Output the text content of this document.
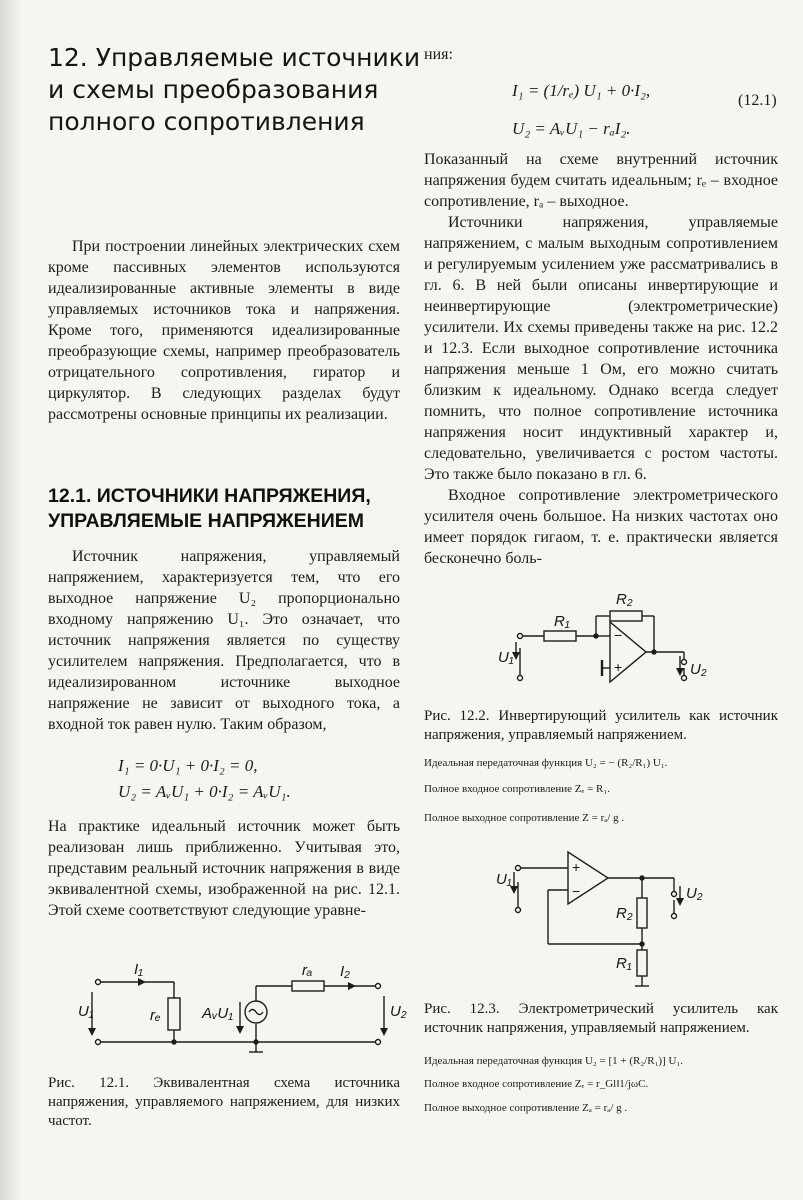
12. Управляемые источники
и схемы преобразования
полного сопротивления

При построении линейных электрических схем кроме пассивных элементов используются идеализированные активные элементы в виде управляемых источников тока и напряжения. Кроме того, применяются идеализированные преобразующие схемы, например преобразователь отрицательного сопротивления, гиратор и циркулятор. В следующих разделах будут рассмотрены основные принципы их реализации.

12.1. ИСТОЧНИКИ НАПРЯЖЕНИЯ,
УПРАВЛЯЕМЫЕ НАПРЯЖЕНИЕМ

Источник напряжения, управляемый напряжением, характеризуется тем, что его выходное напряжение U₂ пропорционально входному напряжению U₁. Это означает, что источник напряжения является по существу усилителем напряжения. Предполагается, что в идеализированном источнике выходное напряжение не зависит от выходного тока, а входной ток равен нулю. Таким образом,

I₁ = 0·U₁ + 0·I₂ = 0,
U₂ = AᵥU₁ + 0·I₂ = AᵥU₁.

На практике идеальный источник может быть реализован лишь приближенно. Учитывая это, представим реальный источник напряжения в виде эквивалентной схемы, изображенной на рис. 12.1. Этой схеме соответствуют следующие уравне-

I₁	I₂
rₐ
rₑ
U₁	AᵥU₁	U₂
Рис. 12.1. Эквивалентная схема источника напряжения, управляемого напряжением, для низких частот.
ния:
I₁ = (1/rₑ) U₁ + 0·I₂,
U₂ = AᵥU₁ − rₐI₂.
(12.1)

Показанный на схеме внутренний источник напряжения будем считать идеальным; rₑ – входное сопротивление, rₐ – выходное.

Источники напряжения, управляемые напряжением, с малым выходным сопротивлением и регулируемым усилением уже рассматривались в гл. 6. В ней были описаны инвертирующие и неинвертирующие (электрометрические) усилители. Их схемы приведены также на рис. 12.2 и 12.3. Если выходное сопротивление источника напряжения меньше 1 Ом, его можно считать близким к идеальному. Однако всегда следует помнить, что полное сопротивление источника напряжения носит индуктивный характер и, следовательно, увеличивается с ростом частоты. Это также было показано в гл. 6.

Входное сопротивление электрометрического усилителя очень большое. На низких частотах оно имеет порядок гигаом, т. е. практически является бесконечно боль-

R₁
R₂
U₁
U₂
−
+
Рис. 12.2. Инвертирующий усилитель как источник напряжения, управляемый напряжением.
Идеальная передаточная функция U₂ = − (R₂/R₁) U₁.
Полное входное сопротивление Zₑ = R₁.
Полное выходное сопротивление Z = rₐ/ g .
U₁
U₂
R₂
R₁
+
−
Рис. 12.3. Электрометрический усилитель как источник напряжения, управляемый напряжением.
Идеальная передаточная функция U₂ = [1 + (R₂/R₁)] U₁.
Полное входное сопротивление Zₑ = r_Gl‖1/jωC.
Полное выходное сопротивление Zₐ = rₐ/ g .
